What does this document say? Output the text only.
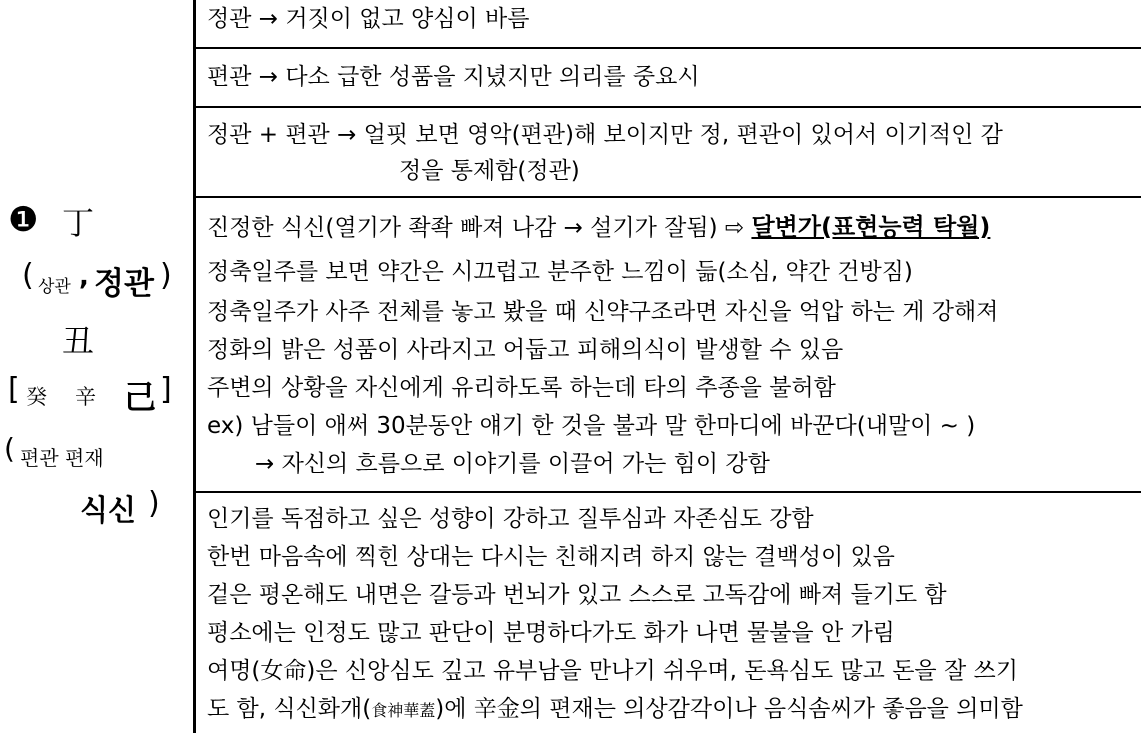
❶ 丁
( 상관 , 정관 )
丑
[ 癸 辛 己 ]
( 편관 편재
식신 )
정관 → 거짓이 없고 양심이 바름
편관 → 다소 급한 성품을 지녔지만 의리를 중요시
정관 + 편관 → 얼핏 보면 영악(편관)해 보이지만 정, 편관이 있어서 이기적인 감
정을 통제함(정관)
진정한 식신(열기가 좍좍 빠져 나감 → 설기가 잘됨) ⇨ 달변가(표현능력 탁월)
정축일주를 보면 약간은 시끄럽고 분주한 느낌이 듦(소심, 약간 건방짐)
정축일주가 사주 전체를 놓고 봤을 때 신약구조라면 자신을 억압 하는 게 강해져
정화의 밝은 성품이 사라지고 어둡고 피해의식이 발생할 수 있음
주변의 상황을 자신에게 유리하도록 하는데 타의 추종을 불허함
ex) 남들이 애써 30분동안 얘기 한 것을 불과 말 한마디에 바꾼다(내말이 ~ )
→ 자신의 흐름으로 이야기를 이끌어 가는 힘이 강함
인기를 독점하고 싶은 성향이 강하고 질투심과 자존심도 강함
한번 마음속에 찍힌 상대는 다시는 친해지려 하지 않는 결백성이 있음
겉은 평온해도 내면은 갈등과 번뇌가 있고 스스로 고독감에 빠져 들기도 함
평소에는 인정도 많고 판단이 분명하다가도 화가 나면 물불을 안 가림
여명(女命)은 신앙심도 깊고 유부남을 만나기 쉬우며, 돈욕심도 많고 돈을 잘 쓰기
도 함, 식신화개(食神華蓋)에 辛金의 편재는 의상감각이나 음식솜씨가 좋음을 의미함
